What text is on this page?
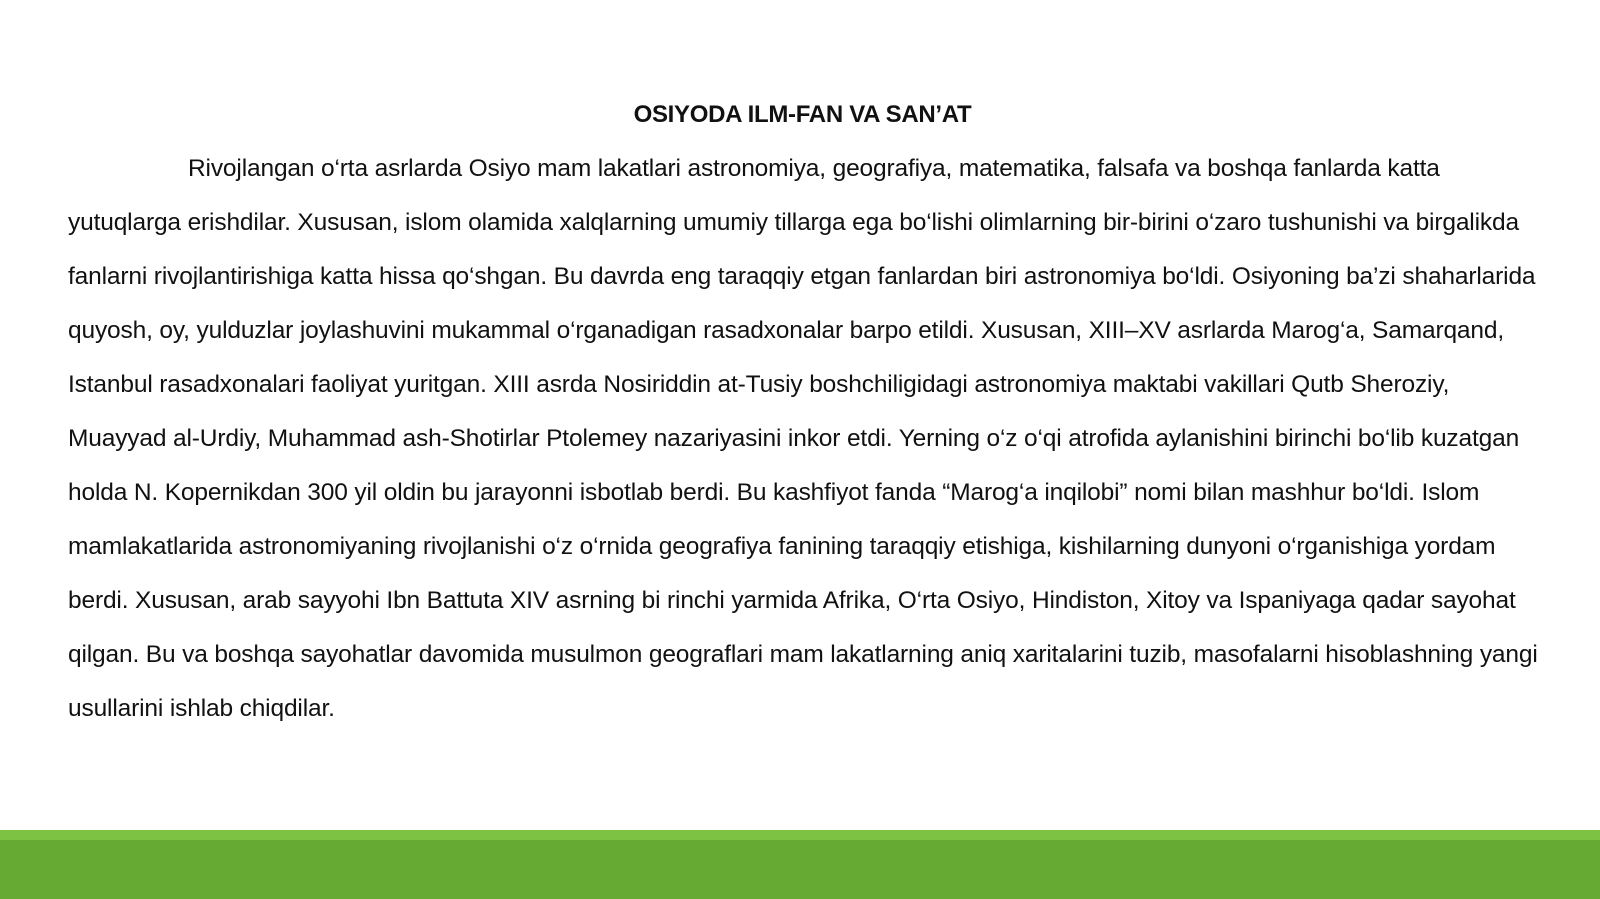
OSIYODA ILM-FAN VA SAN’AT

Rivojlangan o‘rta asrlarda Osiyo mam lakatlari astronomiya, geografiya, matematika, falsafa va boshqa fanlarda katta yutuqlarga erishdilar. Xususan, islom olamida xalqlarning umumiy tillarga ega bo‘lishi olimlarning bir-birini o‘zaro tushunishi va birgalikda fanlarni rivojlantirishiga katta hissa qo‘shgan. Bu davrda eng taraqqiy etgan fanlardan biri astronomiya bo‘ldi. Osiyoning ba’zi shaharlarida quyosh, oy, yulduzlar joylashuvini mukammal o‘rganadigan rasadxonalar barpo etildi. Xususan, XIII–XV asrlarda Marog‘a, Samarqand, Istanbul rasadxonalari faoliyat yuritgan. XIII asrda Nosiriddin at-Tusiy boshchiligidagi astronomiya maktabi vakillari Qutb Sheroziy, Muayyad al-Urdiy, Muhammad ash-Shotirlar Ptolemey nazariyasini inkor etdi. Yerning o‘z o‘qi atrofida aylanishini birinchi bo‘lib kuzatgan holda N. Kopernikdan 300 yil oldin bu jarayonni isbotlab berdi. Bu kashfiyot fanda “Marog‘a inqilobi” nomi bilan mashhur bo‘ldi. Islom mamlakatlarida astronomiyaning rivojlanishi o‘z o‘rnida geografiya fanining taraqqiy etishiga, kishilarning dunyoni o‘rganishiga yordam berdi. Xususan, arab sayyohi Ibn Battuta XIV asrning bi rinchi yarmida Afrika, O‘rta Osiyo, Hindiston, Xitoy va Ispaniyaga qadar sayohat qilgan. Bu va boshqa sayohatlar davomida musulmon geograflari mam lakatlarning aniq xaritalarini tuzib, masofalarni hisoblashning yangi usullarini ishlab chiqdilar.
